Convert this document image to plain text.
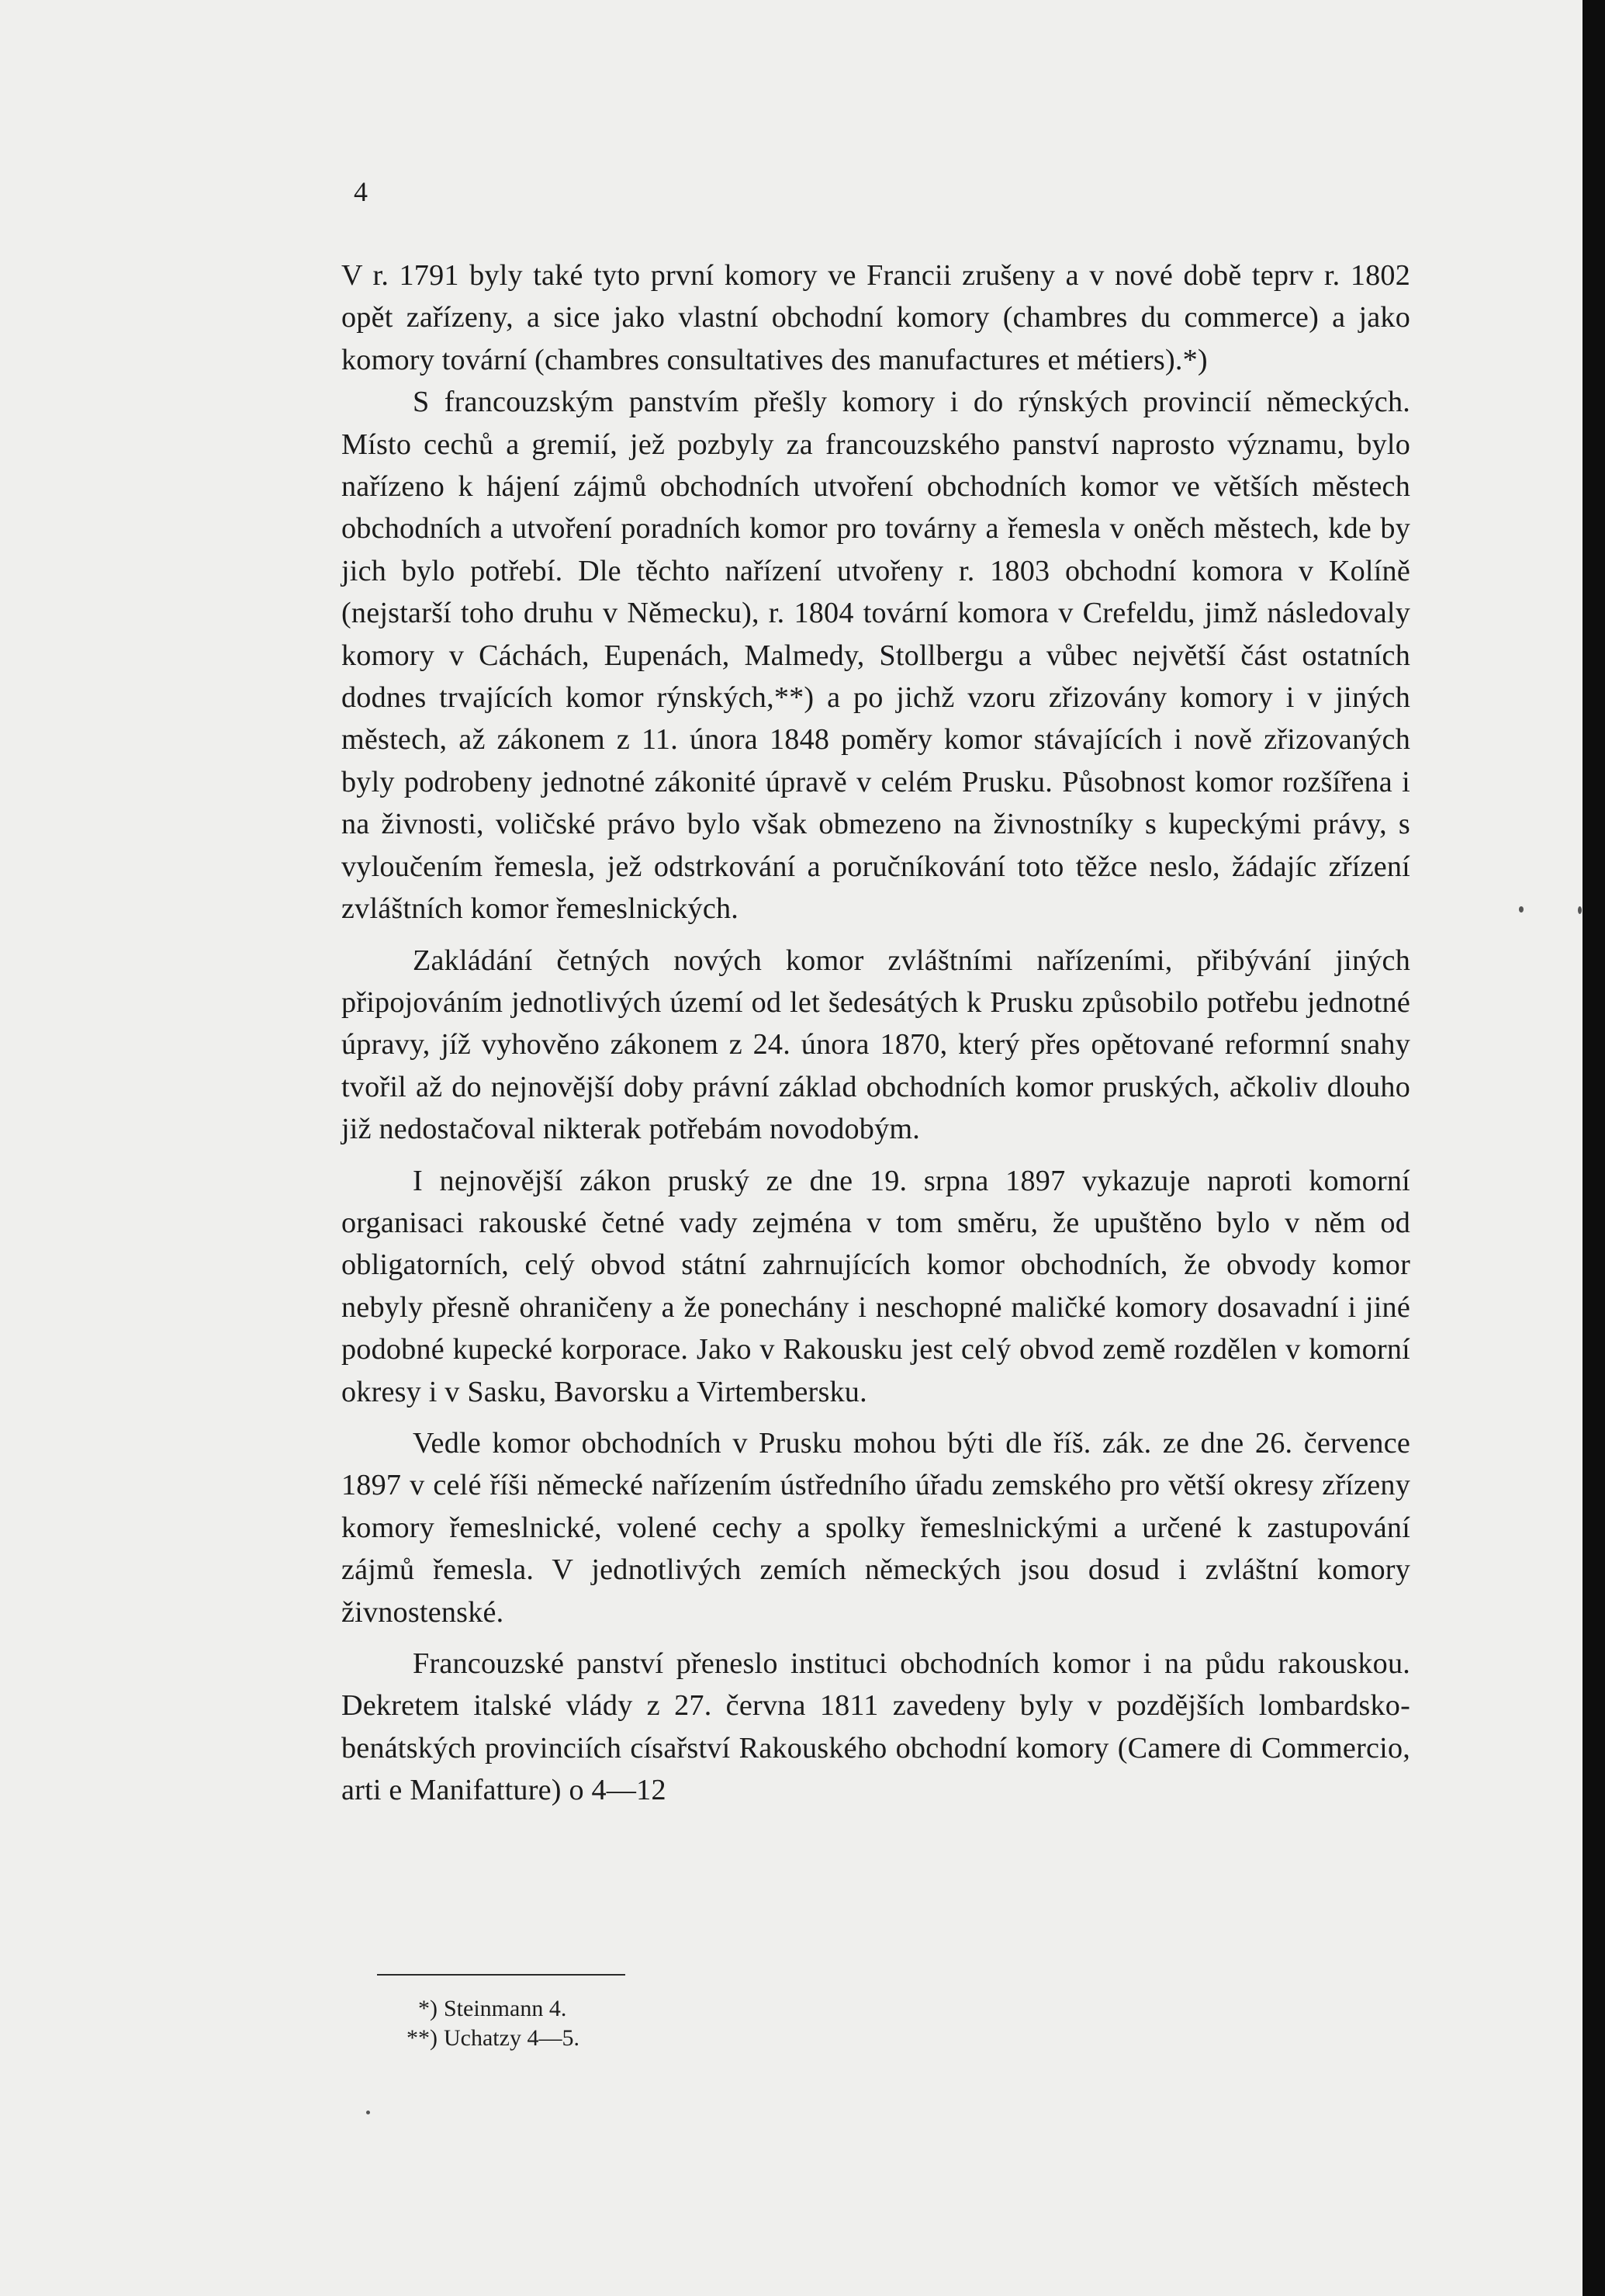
4

V r. 1791 byly také tyto první komory ve Francii zrušeny a v nové době teprv r. 1802 opět zařízeny, a sice jako vlastní obchodní komory (chambres du commerce) a jako komory tovární (chambres consultatives des manufactures et métiers).*)

S francouzským panstvím přešly komory i do rýnských provincií německých. Místo cechů a gremií, jež pozbyly za francouzského panství naprosto významu, bylo nařízeno k hájení zájmů obchodních utvoření obchodních komor ve větších městech obchodních a utvoření poradních komor pro továrny a řemesla v oněch městech, kde by jich bylo potřebí. Dle těchto nařízení utvořeny r. 1803 obchodní komora v Kolíně (nejstarší toho druhu v Německu), r. 1804 tovární komora v Crefeldu, jimž následovaly komory v Cáchách, Eupenách, Malmedy, Stollbergu a vůbec největší část ostatních dodnes trvajících komor rýnských,**) a po jichž vzoru zřizovány komory i v jiných městech, až zákonem z 11. února 1848 poměry komor stávajících i nově zřizovaných byly podrobeny jednotné zákonité úpravě v celém Prusku. Působnost komor rozšířena i na živnosti, voličské právo bylo však obmezeno na živnostníky s kupeckými právy, s vyloučením řemesla, jež odstrkování a poručníkování toto těžce neslo, žádajíc zřízení zvláštních komor řemeslnických.

Zakládání četných nových komor zvláštními nařízeními, přibývání jiných připojováním jednotlivých území od let šedesátých k Prusku způsobilo potřebu jednotné úpravy, jíž vyhověno zákonem z 24. února 1870, který přes opětované reformní snahy tvořil až do nejnovější doby právní základ obchodních komor pruských, ačkoliv dlouho již nedostačoval nikterak potřebám novodobým.

I nejnovější zákon pruský ze dne 19. srpna 1897 vykazuje naproti komorní organisaci rakouské četné vady zejména v tom směru, že upuštěno bylo v něm od obligatorních, celý obvod státní zahrnujících komor obchodních, že obvody komor nebyly přesně ohraničeny a že ponechány i neschopné maličké komory dosavadní i jiné podobné kupecké korporace. Jako v Rakousku jest celý obvod země rozdělen v komorní okresy i v Sasku, Bavorsku a Virtembersku.

Vedle komor obchodních v Prusku mohou býti dle říš. zák. ze dne 26. července 1897 v celé říši německé nařízením ústředního úřadu zemského pro větší okresy zřízeny komory řemeslnické, volené cechy a spolky řemeslnickými a určené k zastupování zájmů řemesla. V jednotlivých zemích německých jsou dosud i zvláštní komory živnostenské.

Francouzské panství přeneslo instituci obchodních komor i na půdu rakouskou. Dekretem italské vlády z 27. června 1811 zavedeny byly v pozdějších lombardsko-benátských provinciích císařství Rakouského obchodní komory (Camere di Commercio, arti e Manifatture) o 4—12

*) Steinmann 4.
**) Uchatzy 4—5.
